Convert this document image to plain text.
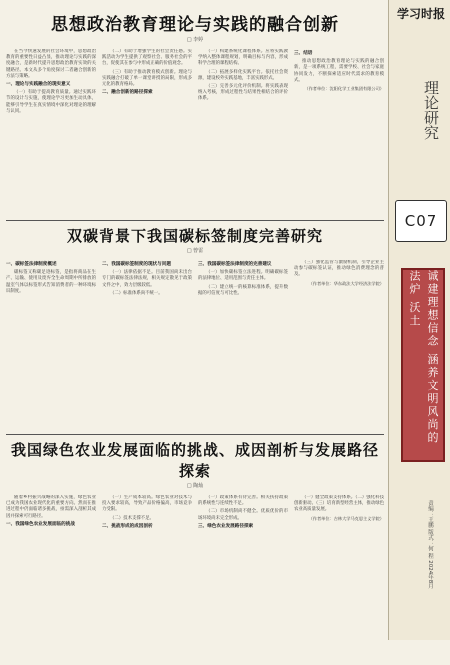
思想政治教育理论与实践的融合创新
□ 李婷

在当今快速发展的社会环境中，思想政治教育的重要性日益凸显，推动理论与实践的深度融合，是新时代提升思想政治教育实效的关键路径。本文从多个角度探讨二者融合创新的方法与策略。

一、理论与实践融合的现实意义

（一）有助于提高教育质量。通过实践环节的设计与实施，使理论学习更加生动具体，能够引导学生在真实情境中深化对理论的理解与认同。

（二）有助于增强学生的社会责任感。实践活动为学生提供了观察社会、服务社会的平台，促使其在参与中形成正确的价值观念。

（三）有助于推动教育模式创新。理论与实践融合打破了单一课堂讲授的局限，形成多元化的教育格局。

二、融合创新的路径探索

（一）构建系统化课程体系。应将实践教学纳入整体课程规划，明确目标与内容，形成科学合理的课程结构。

（二）拓展多样化实践平台。依托社会资源，建设校外实践基地，丰富实践形式。

（三）完善多元化评价机制。将实践表现纳入考核，形成过程性与结果性相结合的评价体系。

三、结语

推动思想政治教育理论与实践的融合创新，是一项系统工程，需要学校、社会与家庭协同发力，不断探索适应时代需求的教育模式。

（作者单位：沈阳化学工业集团有限公司）
双碳背景下我国碳标签制度完善研究
□ 曾雷
一、碳标签法律制度概述

碳标签又称碳足迹标签，是指将商品在生产、运输、使用及废弃全生命周期中所排放的温室气体以标签形式告知消费者的一种环境标识制度。

二、我国碳标签制度的现状与问题

（一）法律依据不足。目前我国尚未出台专门的碳标签法律法规，相关规定散见于政策文件之中，效力层级较低。

（二）标准体系尚不统一。

三、我国碳标签法律制度的完善建议

（一）加快碳标签立法进程。明确碳标签的法律地位、适用范围与责任主体。

（二）建立统一的核算标准体系，提升数据的可信度与可比性。

（三）强化监管与激励机制，引导企业主动参与碳标签认证，推动绿色消费理念的普及。

（作者单位：华东政法大学经济法学院）
我国绿色农业发展面临的挑战、成因剖析与发展路径探索
□ 陶灿

随着乡村振兴战略的深入实施，绿色农业已成为我国农业现代化的重要方向。然而在推进过程中仍面临诸多挑战，亟需深入剖析其成因并探索可行路径。

一、我国绿色农业发展面临的挑战

（一）生产成本较高。绿色农业对技术与投入要求较高，导致产品价格偏高，市场竞争力受限。

（二）技术支撑不足。

二、挑战形成的成因剖析

（一）政策体系有待完善。相关扶持政策的系统性与连续性不足。

（二）市场机制尚不健全。优质优价的市场环境尚未完全形成。

三、绿色农业发展路径探索

（一）健全政策支持体系。（二）强化科技创新驱动。（三）培育新型经营主体，推动绿色农业高质量发展。

（作者单位：吉林大学马克思主义学院）
学习时报
理论研究
C07
诚建理想信念 涵养文明风尚的 法炉 沃土
责编：王鹏 版式：何 程 2024年8月
